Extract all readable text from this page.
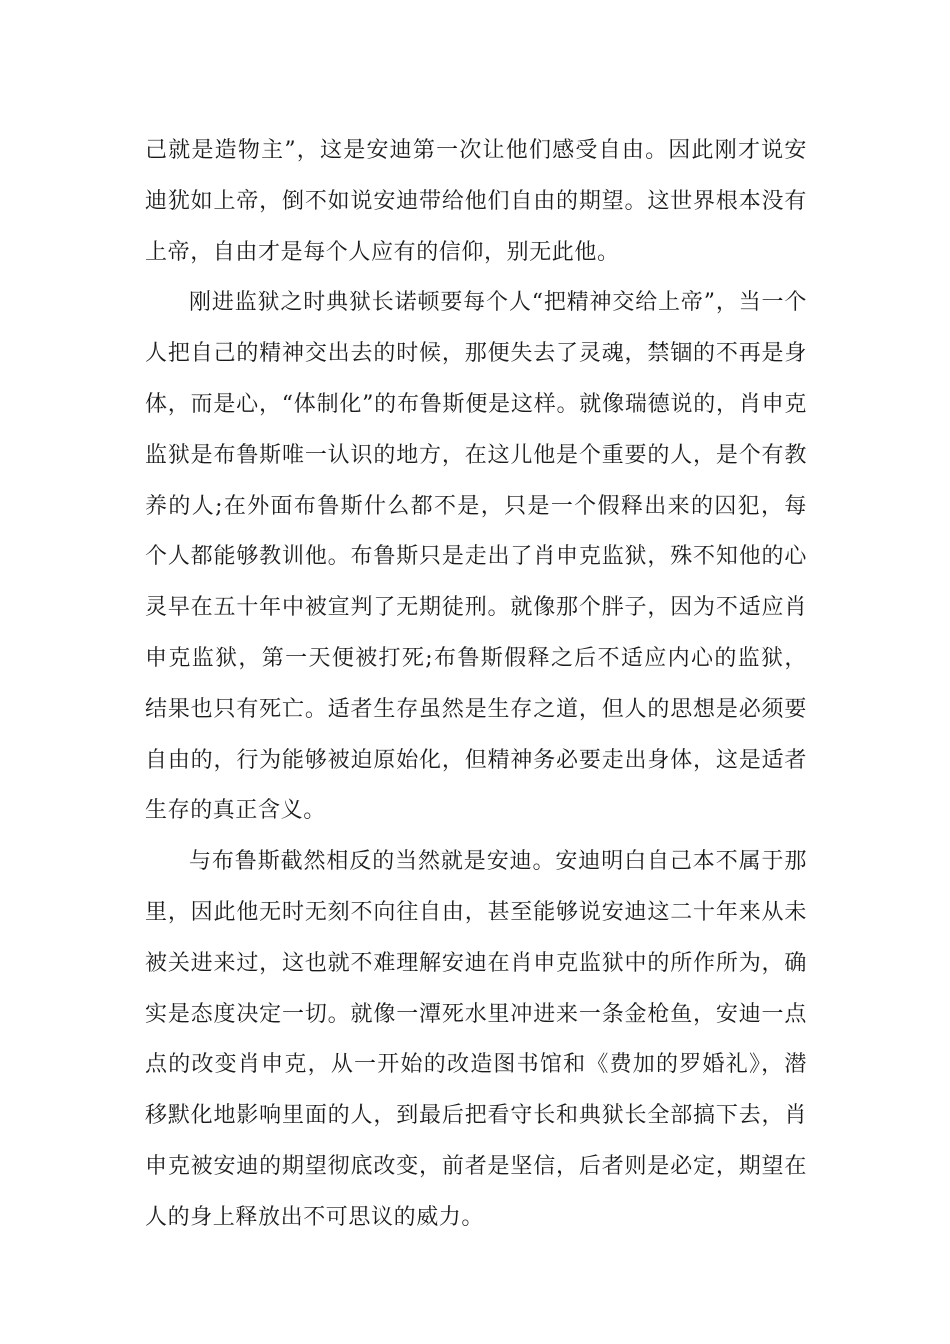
己就是造物主”，这是安迪第一次让他们感受自由。因此刚才说安迪犹如上帝，倒不如说安迪带给他们自由的期望。这世界根本没有上帝，自由才是每个人应有的信仰，别无此他。

刚进监狱之时典狱长诺顿要每个人“把精神交给上帝”，当一个人把自己的精神交出去的时候，那便失去了灵魂，禁锢的不再是身体，而是心，“体制化”的布鲁斯便是这样。就像瑞德说的，肖申克监狱是布鲁斯唯一认识的地方，在这儿他是个重要的人，是个有教养的人;在外面布鲁斯什么都不是，只是一个假释出来的囚犯，每个人都能够教训他。布鲁斯只是走出了肖申克监狱，殊不知他的心灵早在五十年中被宣判了无期徒刑。就像那个胖子，因为不适应肖申克监狱，第一天便被打死;布鲁斯假释之后不适应内心的监狱，结果也只有死亡。适者生存虽然是生存之道，但人的思想是必须要自由的，行为能够被迫原始化，但精神务必要走出身体，这是适者生存的真正含义。

与布鲁斯截然相反的当然就是安迪。安迪明白自己本不属于那里，因此他无时无刻不向往自由，甚至能够说安迪这二十年来从未被关进来过，这也就不难理解安迪在肖申克监狱中的所作所为，确实是态度决定一切。就像一潭死水里冲进来一条金枪鱼，安迪一点点的改变肖申克，从一开始的改造图书馆和《费加的罗婚礼》，潜移默化地影响里面的人，到最后把看守长和典狱长全部搞下去，肖申克被安迪的期望彻底改变，前者是坚信，后者则是必定，期望在人的身上释放出不可思议的威力。
